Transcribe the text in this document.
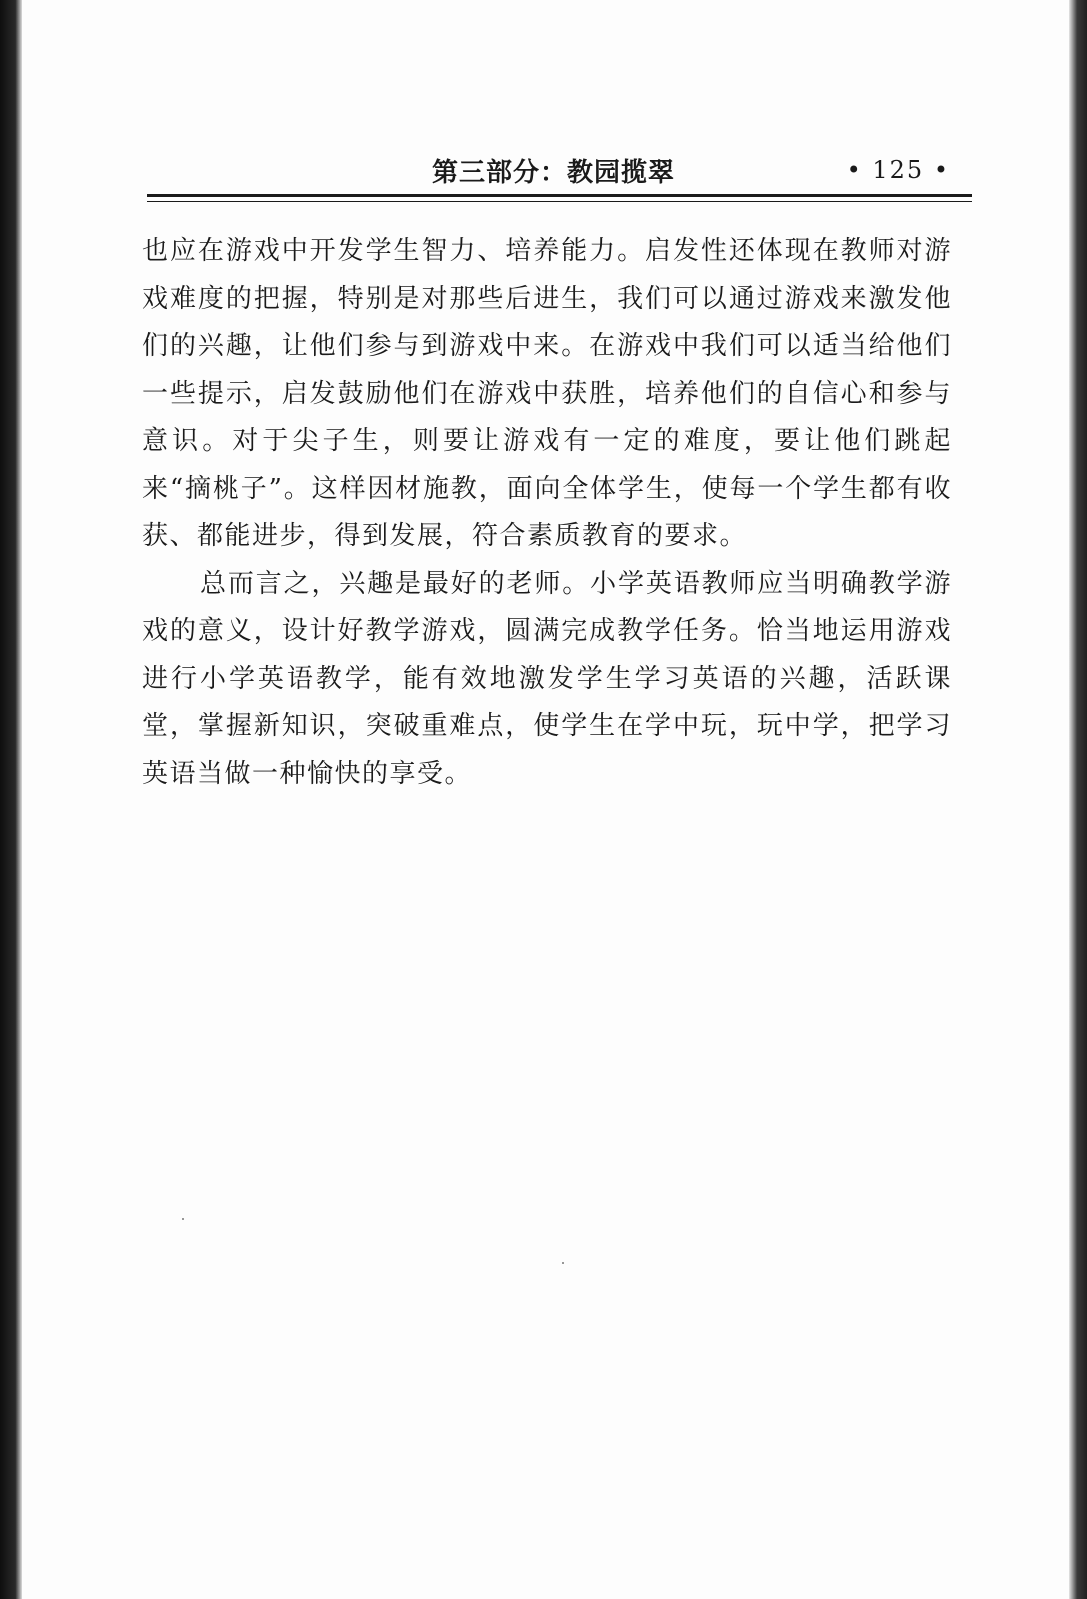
第三部分：教园揽翠	• 125 •

也应在游戏中开发学生智力、培养能力。启发性还体现在教师对游戏难度的把握，特别是对那些后进生，我们可以通过游戏来激发他们的兴趣，让他们参与到游戏中来。在游戏中我们可以适当给他们一些提示，启发鼓励他们在游戏中获胜，培养他们的自信心和参与意识。对于尖子生，则要让游戏有一定的难度，要让他们跳起来“摘桃子”。这样因材施教，面向全体学生，使每一个学生都有收获、都能进步，得到发展，符合素质教育的要求。

总而言之，兴趣是最好的老师。小学英语教师应当明确教学游戏的意义，设计好教学游戏，圆满完成教学任务。恰当地运用游戏进行小学英语教学，能有效地激发学生学习英语的兴趣，活跃课堂，掌握新知识，突破重难点，使学生在学中玩，玩中学，把学习英语当做一种愉快的享受。
